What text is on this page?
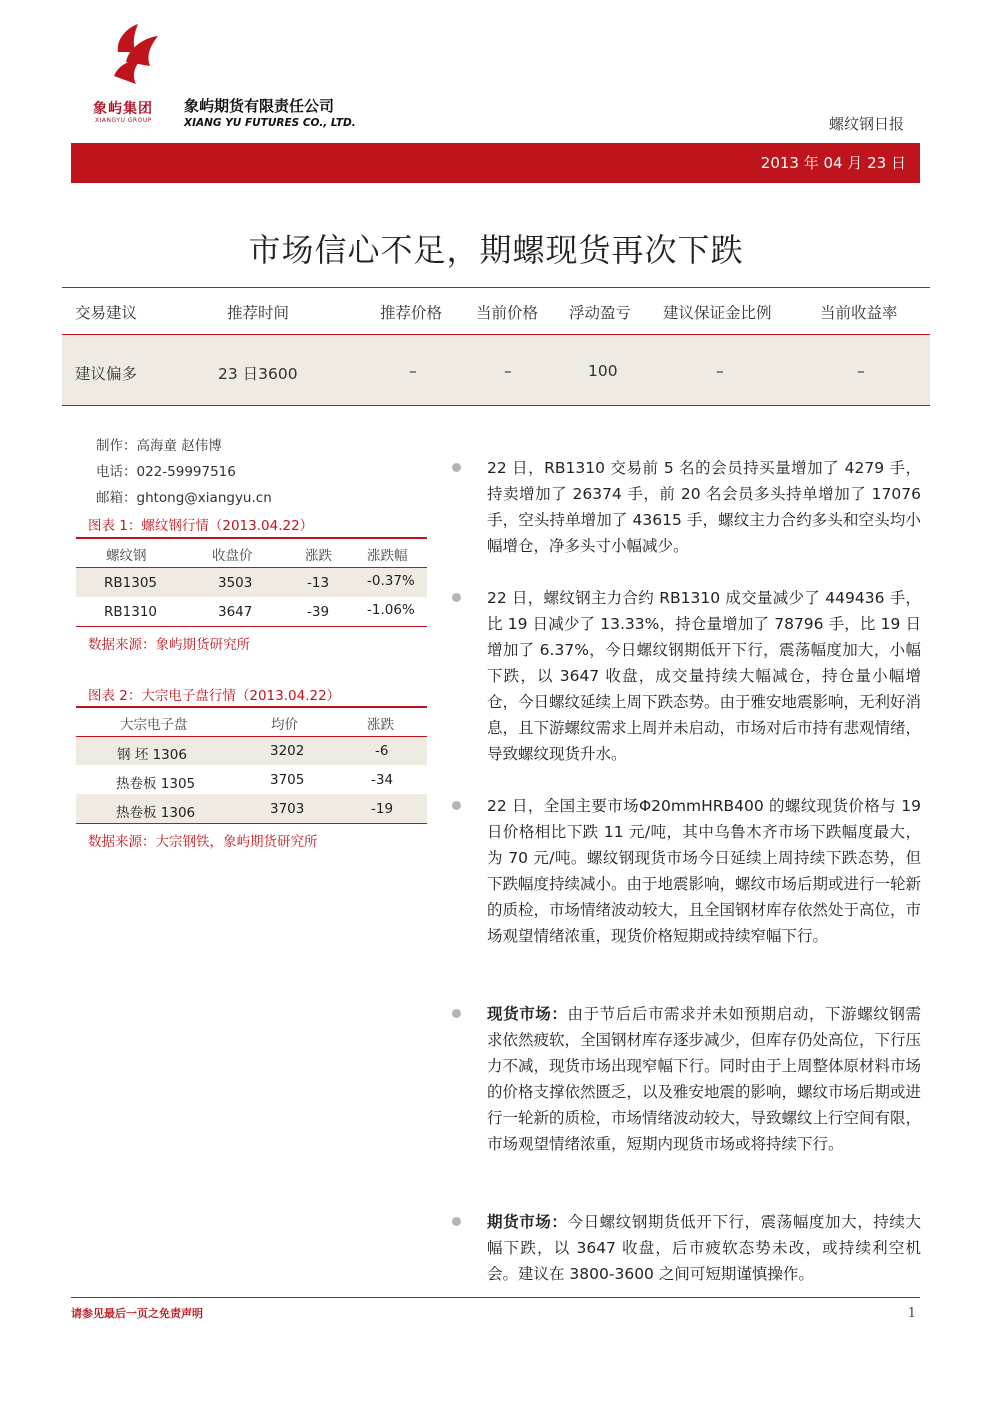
象屿集团
XIANGYU GROUP
象屿期货有限责任公司
XIANG YU FUTURES CO., LTD.	螺纹钢日报
2013 年 04 月 23 日
市场信心不足，期螺现货再次下跌
交易建议	推荐时间	推荐价格 当前价格 浮动盈亏 建议保证金比例	当前收益率
建议偏多	23 日3600	–	–	100	–	–
制作：高海童 赵伟博
电话：022-59997516
邮箱：ghtong@xiangyu.cn
图表 1：螺纹钢行情（2013.04.22）
螺纹钢	收盘价	涨跌	涨跌幅
RB1305	3503	-13	-0.37%
RB1310	3647	-39	-1.06%
数据来源：象屿期货研究所
图表 2：大宗电子盘行情（2013.04.22）
大宗电子盘	均价	涨跌
钢 坯 1306	3202	-6
热卷板 1305	3705	-34
热卷板 1306	3703	-19
数据来源：大宗钢铁，象屿期货研究所
22 日，RB1310 交易前 5 名的会员持买量增加了 4279 手，持卖增加了 26374 手，前 20 名会员多头持单增加了 17076 手，空头持单增加了 43615 手，螺纹主力合约多头和空头均小幅增仓，净多头寸小幅减少。
22 日，螺纹钢主力合约 RB1310 成交量减少了 449436 手，比 19 日减少了 13.33%，持仓量增加了 78796 手，比 19 日增加了 6.37%，今日螺纹钢期低开下行，震荡幅度加大，小幅下跌，以 3647 收盘，成交量持续大幅减仓，持仓量小幅增仓，今日螺纹延续上周下跌态势。由于雅安地震影响，无利好消息，且下游螺纹需求上周并未启动，市场对后市持有悲观情绪，导致螺纹现货升水。
22 日，全国主要市场Φ20mmHRB400 的螺纹现货价格与 19 日价格相比下跌 11 元/吨，其中乌鲁木齐市场下跌幅度最大，为 70 元/吨。螺纹钢现货市场今日延续上周持续下跌态势，但下跌幅度持续减小。由于地震影响，螺纹市场后期或进行一轮新的质检，市场情绪波动较大，且全国钢材库存依然处于高位，市场观望情绪浓重，现货价格短期或持续窄幅下行。
现货市场：由于节后后市需求并未如预期启动，下游螺纹钢需求依然疲软，全国钢材库存逐步减少，但库存仍处高位，下行压力不减，现货市场出现窄幅下行。同时由于上周整体原材料市场的价格支撑依然匮乏，以及雅安地震的影响，螺纹市场后期或进行一轮新的质检，市场情绪波动较大，导致螺纹上行空间有限，市场观望情绪浓重，短期内现货市场或将持续下行。
期货市场：今日螺纹钢期货低开下行，震荡幅度加大，持续大幅下跌，以 3647 收盘，后市疲软态势未改，或持续利空机会。建议在 3800-3600 之间可短期谨慎操作。
请参见最后一页之免责声明	1
